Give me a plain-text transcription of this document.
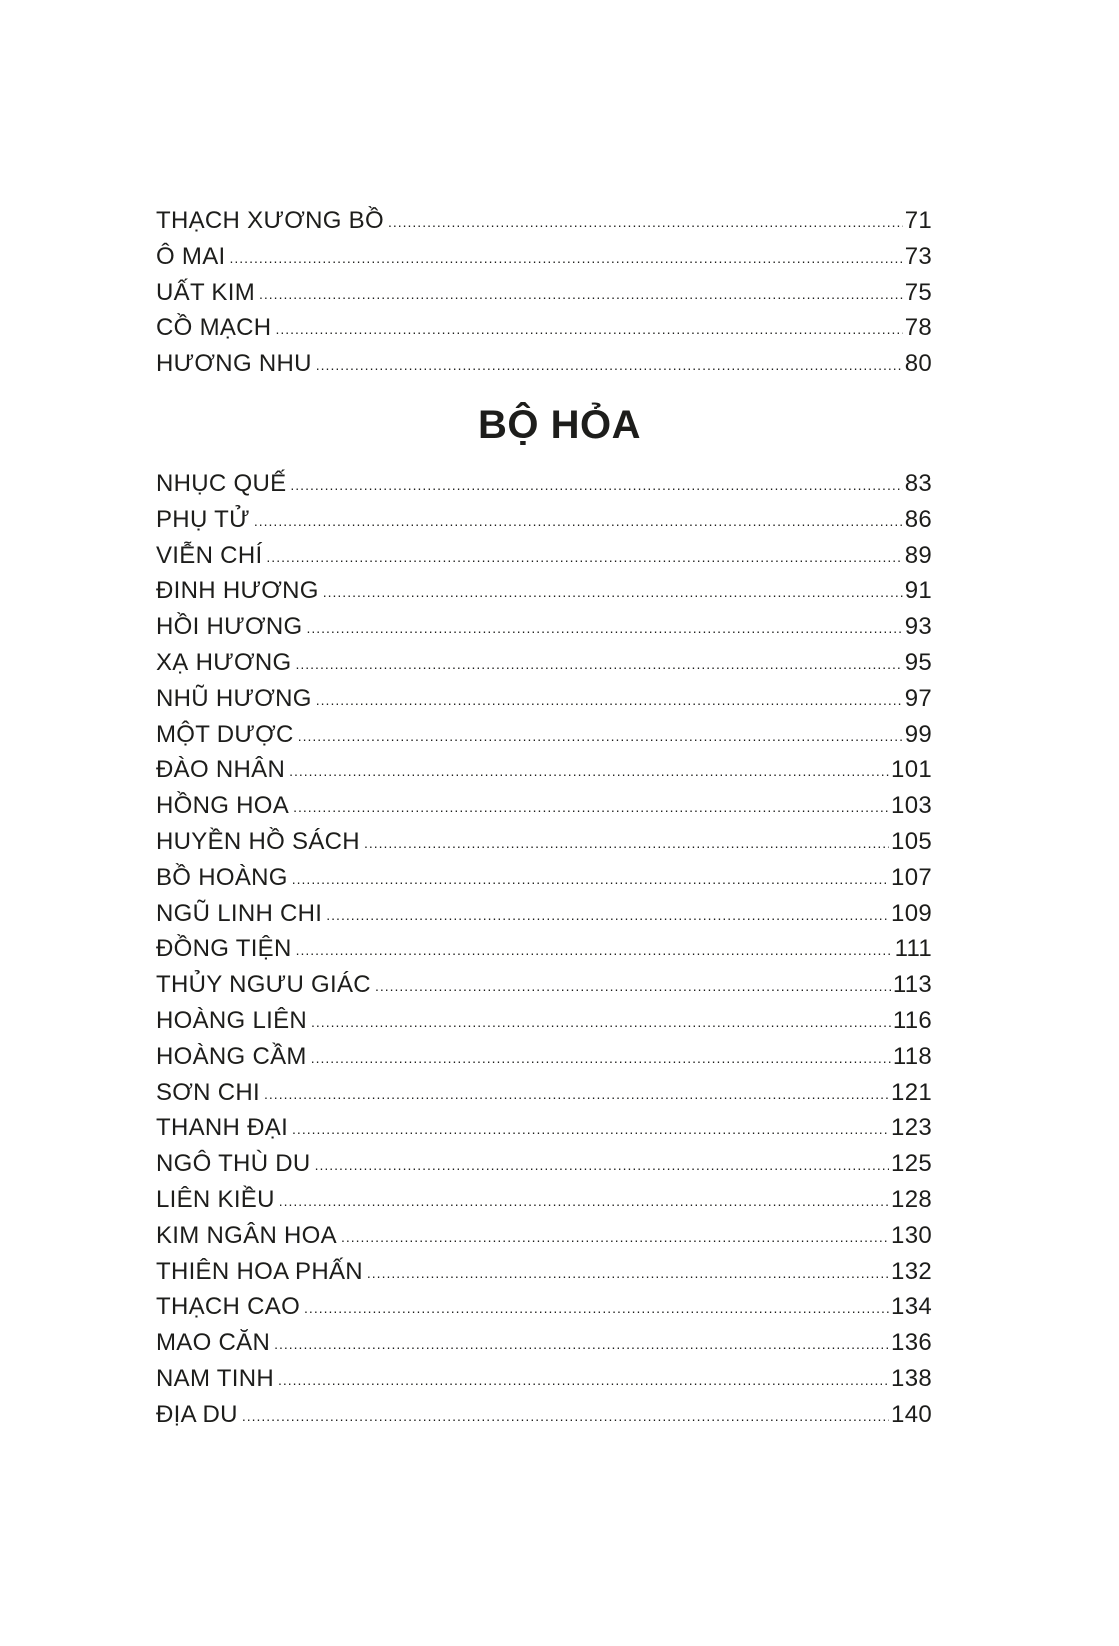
THẠCH XƯƠNG BỒ .....	71
Ô MAI .....	73
UẤT KIM .....	75
CỒ MẠCH .....	78
HƯƠNG NHU .....	80
BỘ HỎA
NHỤC QUẾ .....	83
PHỤ TỬ .....	86
VIỄN CHÍ .....	89
ĐINH HƯƠNG .....	91
HỒI HƯƠNG .....	93
XẠ HƯƠNG .....	95
NHŨ HƯƠNG .....	97
MỘT DƯỢC .....	99
ĐÀO NHÂN .....	101
HỒNG HOA .....	103
HUYỀN HỒ SÁCH .....	105
BỒ HOÀNG .....	107
NGŨ LINH CHI .....	109
ĐỒNG TIỆN .....	111
THỦY NGƯU GIÁC .....	113
HOÀNG LIÊN .....	116
HOÀNG CẦM .....	118
SƠN CHI .....	121
THANH ĐẠI .....	123
NGÔ THÙ DU .....	125
LIÊN KIỀU .....	128
KIM NGÂN HOA .....	130
THIÊN HOA PHẤN .....	132
THẠCH CAO .....	134
MAO CĂN .....	136
NAM TINH .....	138
ĐỊA DU .....	140
